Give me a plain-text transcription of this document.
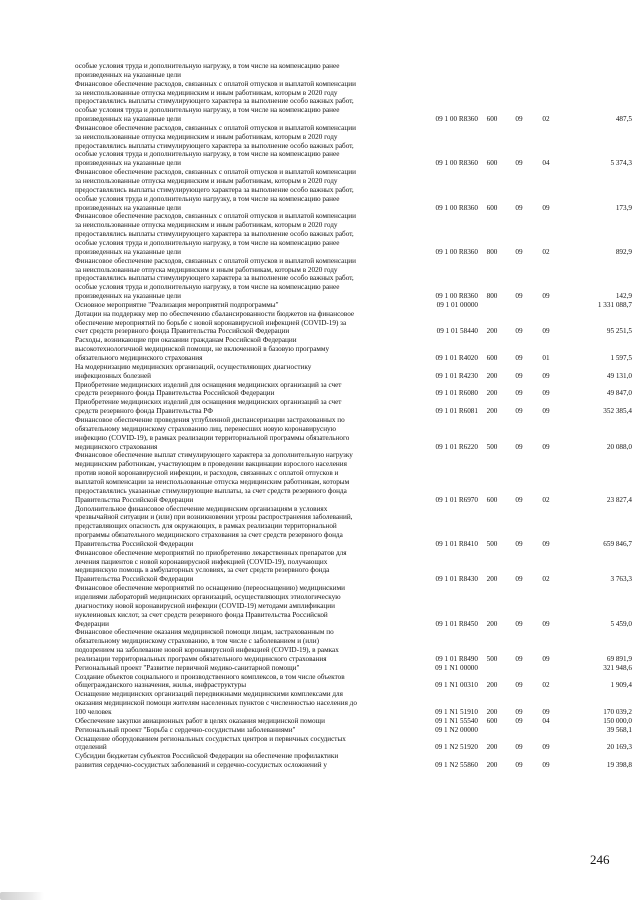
особые условия труда и дополнительную нагрузку, в том числе на компенсацию ранее
произведенных на указанные цели
Финансовое обеспечение расходов, связанных с оплатой отпусков и выплатой компенсации
за неиспользованные отпуска медицинским и иным работникам, которым в 2020 году
предоставлялись выплаты стимулирующего характера за выполнение особо важных работ,
особые условия труда и дополнительную нагрузку, в том числе на компенсацию ранее
произведенных на указанные цели	09 1 00 R8360	600	09	02	487,5
Финансовое обеспечение расходов, связанных с оплатой отпусков и выплатой компенсации
за неиспользованные отпуска медицинским и иным работникам, которым в 2020 году
предоставлялись выплаты стимулирующего характера за выполнение особо важных работ,
особые условия труда и дополнительную нагрузку, в том числе на компенсацию ранее
произведенных на указанные цели	09 1 00 R8360	600	09	04	5 374,3
Финансовое обеспечение расходов, связанных с оплатой отпусков и выплатой компенсации
за неиспользованные отпуска медицинским и иным работникам, которым в 2020 году
предоставлялись выплаты стимулирующего характера за выполнение особо важных работ,
особые условия труда и дополнительную нагрузку, в том числе на компенсацию ранее
произведенных на указанные цели	09 1 00 R8360	600	09	09	173,9
Финансовое обеспечение расходов, связанных с оплатой отпусков и выплатой компенсации
за неиспользованные отпуска медицинским и иным работникам, которым в 2020 году
предоставлялись выплаты стимулирующего характера за выполнение особо важных работ,
особые условия труда и дополнительную нагрузку, в том числе на компенсацию ранее
произведенных на указанные цели	09 1 00 R8360	800	09	02	892,9
Финансовое обеспечение расходов, связанных с оплатой отпусков и выплатой компенсации
за неиспользованные отпуска медицинским и иным работникам, которым в 2020 году
предоставлялись выплаты стимулирующего характера за выполнение особо важных работ,
особые условия труда и дополнительную нагрузку, в том числе на компенсацию ранее
произведенных на указанные цели	09 1 00 R8360	800	09	09	142,9
Основное мероприятие "Реализация мероприятий подпрограммы"	09 1 01 00000	1 331 088,7
Дотации на поддержку мер по обеспечению сбалансированности бюджетов на финансовое
обеспечение мероприятий по борьбе с новой коронавирусной инфекцией (COVID-19) за
счет средств резервного фонда Правительства Российской Федерации	09 1 01 58440	200	09	09	95 251,5
Расходы, возникающие при оказании гражданам Российской Федерации
высокотехнологичной медицинской помощи, не включенной в базовую программу
обязательного медицинского страхования	09 1 01 R4020	600	09	01	1 597,5
На модернизацию медицинских организаций, осуществляющих диагностику
инфекционных болезней	09 1 01 R4230	200	09	09	49 131,0
Приобретение медицинских изделий для оснащения медицинских организаций за счет
средств резервного фонда Правительства Российской Федерации	09 1 01 R6080	200	09	09	49 847,0
Приобретение медицинских изделий для оснащения медицинских организаций за счет
средств резервного фонда Правительства РФ	09 1 01 R6081	200	09	09	352 385,4
Финансовое обеспечение проведения углубленной диспансеризации застрахованных по
обязательному медицинскому страхованию лиц, перенесших новую коронавирусную
инфекцию (COVID-19), в рамках реализации территориальной программы обязательного
медицинского страхования	09 1 01 R6220	500	09	09	20 088,0
Финансовое обеспечение выплат стимулирующего характера за дополнительную нагрузку
медицинским работникам, участвующим в проведении вакцинации взрослого населения
против новой коронавирусной инфекции, и расходов, связанных с оплатой отпусков и
выплатой компенсации за неиспользованные отпуска медицинским работникам, которым
предоставлялись указанные стимулирующие выплаты, за счет средств резервного фонда
Правительства Российской Федерации	09 1 01 R6970	600	09	02	23 827,4
Дополнительное финансовое обеспечение медицинским организациям в условиях
чрезвычайной ситуации и (или) при возникновении угрозы распространения заболеваний,
представляющих опасность для окружающих, в рамках реализации территориальной
программы обязательного медицинского страхования за счет средств резервного фонда
Правительства Российской Федерации	09 1 01 R8410	500	09	09	659 846,7
Финансовое обеспечение мероприятий по приобретению лекарственных препаратов для
лечения пациентов с новой коронавирусной инфекцией (COVID-19), получающих
медицинскую помощь в амбулаторных условиях, за счет средств резервного фонда
Правительства Российской Федерации	09 1 01 R8430	200	09	02	3 763,3
Финансовое обеспечение мероприятий по оснащению (переоснащению) медицинскими
изделиями лабораторий медицинских организаций, осуществляющих этиологическую
диагностику новой коронавирусной инфекции (COVID-19) методами амплификации
нуклеиновых кислот, за счет средств резервного фонда Правительства Российской
Федерации	09 1 01 R8450	200	09	09	5 459,0
Финансовое обеспечение оказания медицинской помощи лицам, застрахованным по
обязательному медицинскому страхованию, в том числе с заболеванием и (или)
подозрением на заболевание новой коронавирусной инфекцией (COVID-19), в рамках
реализации территориальных программ обязательного медицинского страхования	09 1 01 R8490	500	09	09	69 891,9
Региональный проект "Развитие первичной медико-санитарной помощи"	09 1 N1 00000	321 948,6
Создание объектов социального и производственного комплексов, в том числе объектов
общегражданского назначения, жилья, инфраструктуры	09 1 N1 00310	200	09	02	1 909,4
Оснащение медицинских организаций передвижными медицинскими комплексами для
оказания медицинской помощи жителям населенных пунктов с численностью населения до
100 человек	09 1 N1 51910	200	09	09	170 039,2
Обеспечение закупки авиационных работ в целях оказания медицинской помощи	09 1 N1 55540	600	09	04	150 000,0
Региональный проект "Борьба с сердечно-сосудистыми заболеваниями"	09 1 N2 00000	39 568,1
Оснащение оборудованием региональных сосудистых центров и первичных сосудистых
отделений	09 1 N2 51920	200	09	09	20 169,3
Субсидии бюджетам субъектов Российской Федерации на обеспечение профилактики
развития сердечно-сосудистых заболеваний и сердечно-сосудистых осложнений у	09 1 N2 55860	200	09	09	19 398,8
246
